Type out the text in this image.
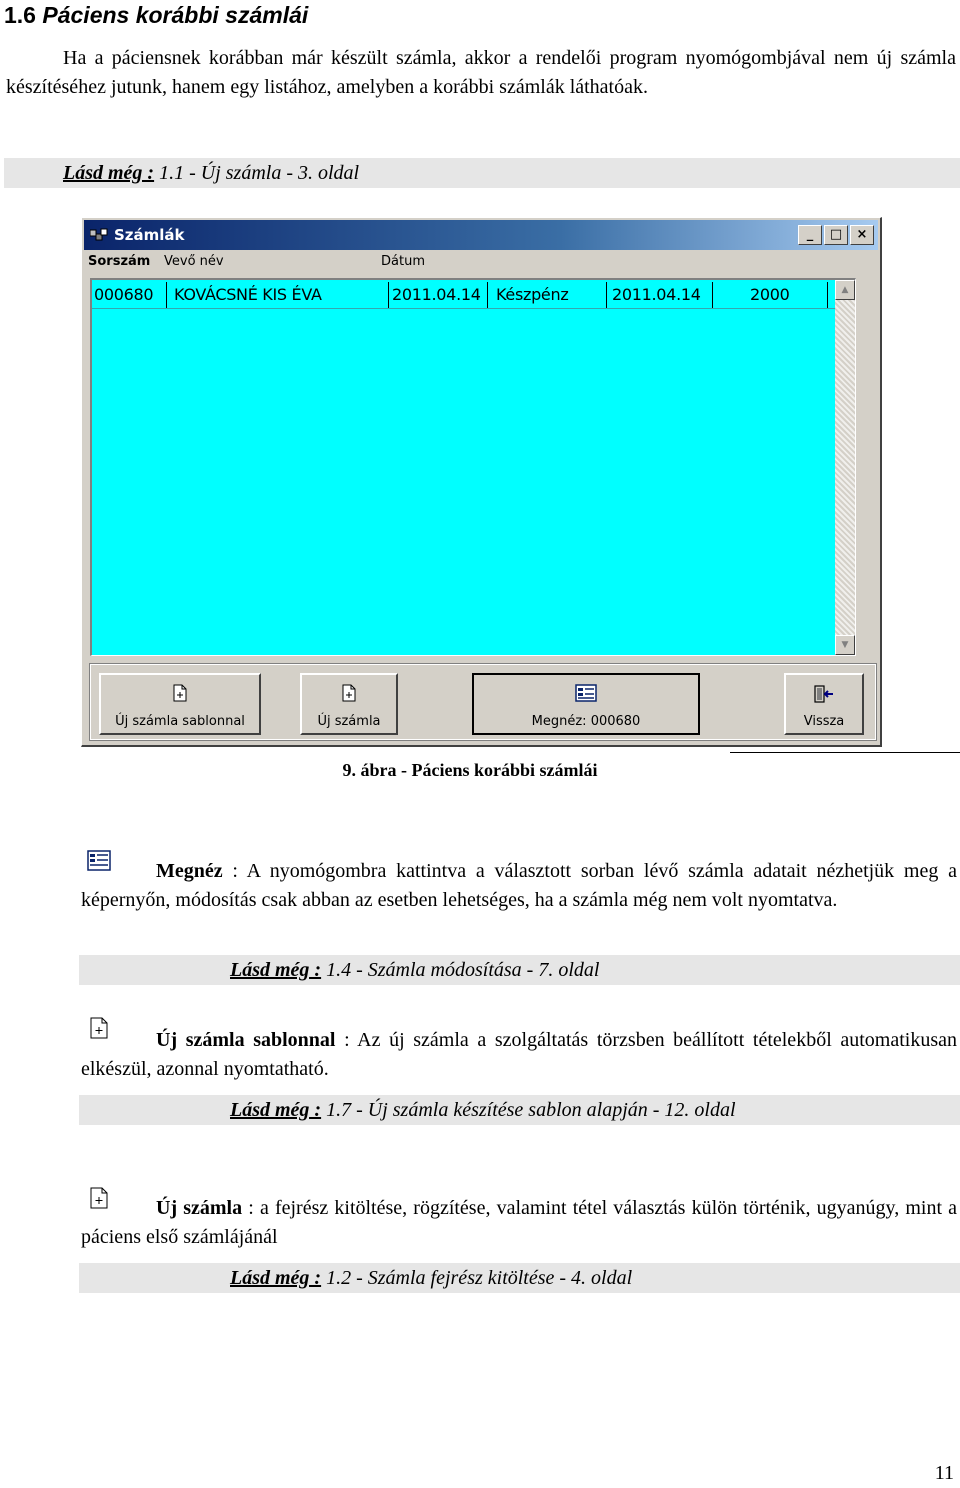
1.6 Páciens korábbi számlái

Ha a páciensnek korábban már készült számla, akkor a rendelői program nyomógombjával nem új számla készítéséhez jutunk, hanem egy listához, amelyben a korábbi számlák láthatóak.

Lásd még : 1.1 - Új számla - 3. oldal
Számlák	_	□	×
Sorszám Vevő név	Dátum
000680 KOVÁCSNÉ KIS ÉVA	2011.04.14 Készpénz	2011.04.14	2000	▲
▼
Új számla sablonnal	Új számla	Megnéz: 000680	Vissza
9. ábra - Páciens korábbi számlái

Megnéz : A nyomógombra kattintva a választott sorban lévő számla adatait nézhetjük meg a képernyőn, módosítás csak abban az esetben lehetséges, ha a számla még nem volt nyomtatva.

Lásd még : 1.4 - Számla módosítása - 7. oldal

Új számla sablonnal : Az új számla a szolgáltatás törzsben beállított tételekből automatikusan elkészül, azonnal nyomtatható.

Lásd még : 1.7 - Új számla készítése sablon alapján - 12. oldal

Új számla : a fejrész kitöltése, rögzítése, valamint tétel választás külön történik, ugyanúgy, mint a páciens első számlájánál

Lásd még : 1.2 - Számla fejrész kitöltése - 4. oldal
11
